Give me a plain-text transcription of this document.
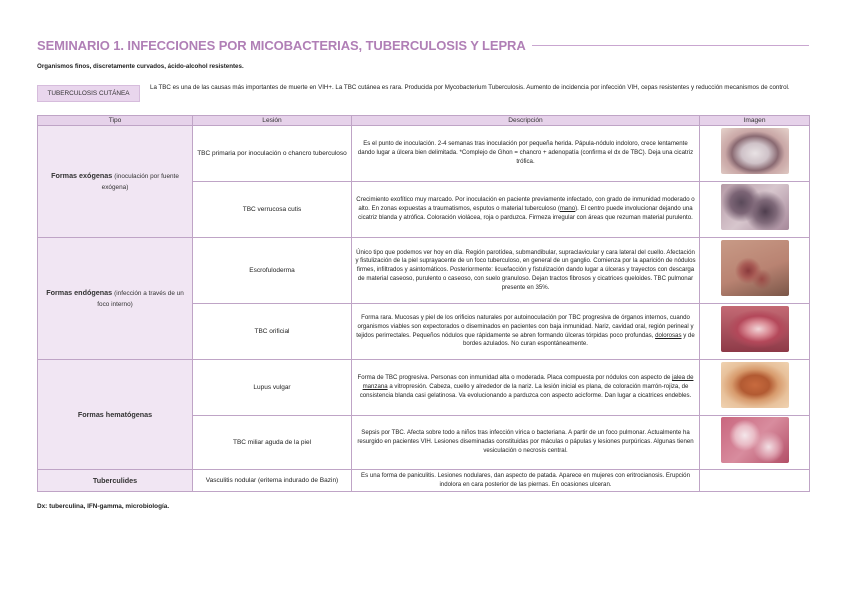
SEMINARIO 1. INFECCIONES POR MICOBACTERIAS, TUBERCULOSIS Y LEPRA
Organismos finos, discretamente curvados, ácido-alcohol resistentes.
TUBERCULOSIS CUTÁNEA
La TBC es una de las causas más importantes de muerte en VIH+. La TBC cutánea es rara. Producida por Mycobacterium Tuberculosis. Aumento de incidencia por infección VIH, cepas resistentes y reducción mecanismos de control.
Tipo	Lesión	Descripción	Imagen
Formas exógenas (inoculación por fuente exógena)	TBC primaria por inoculación o chancro tuberculoso	Es el punto de inoculación. 2-4 semanas tras inoculación por pequeña herida. Pápula-nódulo indoloro, crece lentamente dando lugar a úlcera bien delimitada. *Complejo de Ghon = chancro + adenopatía (confirma el dx de TBC). Deja una cicatriz trófica.	
	TBC verrucosa cutis	Crecimiento exofítico muy marcado. Por inoculación en paciente previamente infectado, con grado de inmunidad moderado o alto. En zonas expuestas a traumatismos, esputos o material tuberculoso (mano). El centro puede involucionar dejando una cicatriz blanda y atrófica. Coloración violácea, roja o parduzca. Firmeza irregular con áreas que rezuman material purulento.	
Formas endógenas (infección a través de un foco interno)	Escrofuloderma	Único tipo que podemos ver hoy en día. Región parotídea, submandibular, supraclavicular y cara lateral del cuello. Afectación y fistulización de la piel suprayacente de un foco tuberculoso, en general de un ganglio. Comienza por la aparición de nódulos firmes, infiltrados y asintomáticos. Posteriormente: licuefacción y fistulización dando lugar a úlceras y trayectos con descarga de material caseoso, purulento o caseoso, con suelo granuloso. Dejan tractos fibrosos y cicatrices queloides. TBC pulmonar presente en 35%.	
	TBC orificial	Forma rara. Mucosas y piel de los orificios naturales por autoinoculación por TBC progresiva de órganos internos, cuando organismos viables son expectorados o diseminados en pacientes con baja inmunidad. Nariz, cavidad oral, región perineal y tejidos perirrectales. Pequeños nódulos que rápidamente se abren formando úlceras tórpidas poco profundas, dolorosas y de bordes azulados. No curan espontáneamente.	
Formas hematógenas	Lupus vulgar	Forma de TBC progresiva. Personas con inmunidad alta o moderada. Placa compuesta por nódulos con aspecto de jalea de manzana a vitropresión. Cabeza, cuello y alrededor de la nariz. La lesión inicial es plana, de coloración marrón-rojiza, de consistencia blanda casi gelatinosa. Va evolucionando a parduzca con aspecto acicforme. Dan lugar a cicatrices endebles.	
	TBC miliar aguda de la piel	Sepsis por TBC. Afecta sobre todo a niños tras infección vírica o bacteriana. A partir de un foco pulmonar. Actualmente ha resurgido en pacientes VIH. Lesiones diseminadas constituidas por máculas o pápulas y lesiones purpúricas. Algunas tienen vesiculación o necrosis central.	
Tuberculides	Vasculitis nodular (eritema indurado de Bazin)	Es una forma de paniculitis. Lesiones nodulares, dan aspecto de patada. Aparece en mujeres con eritrocianosis. Erupción indolora en cara posterior de las piernas. En ocasiones ulceran.	
Dx: tuberculina, IFN-gamma, microbiología.
